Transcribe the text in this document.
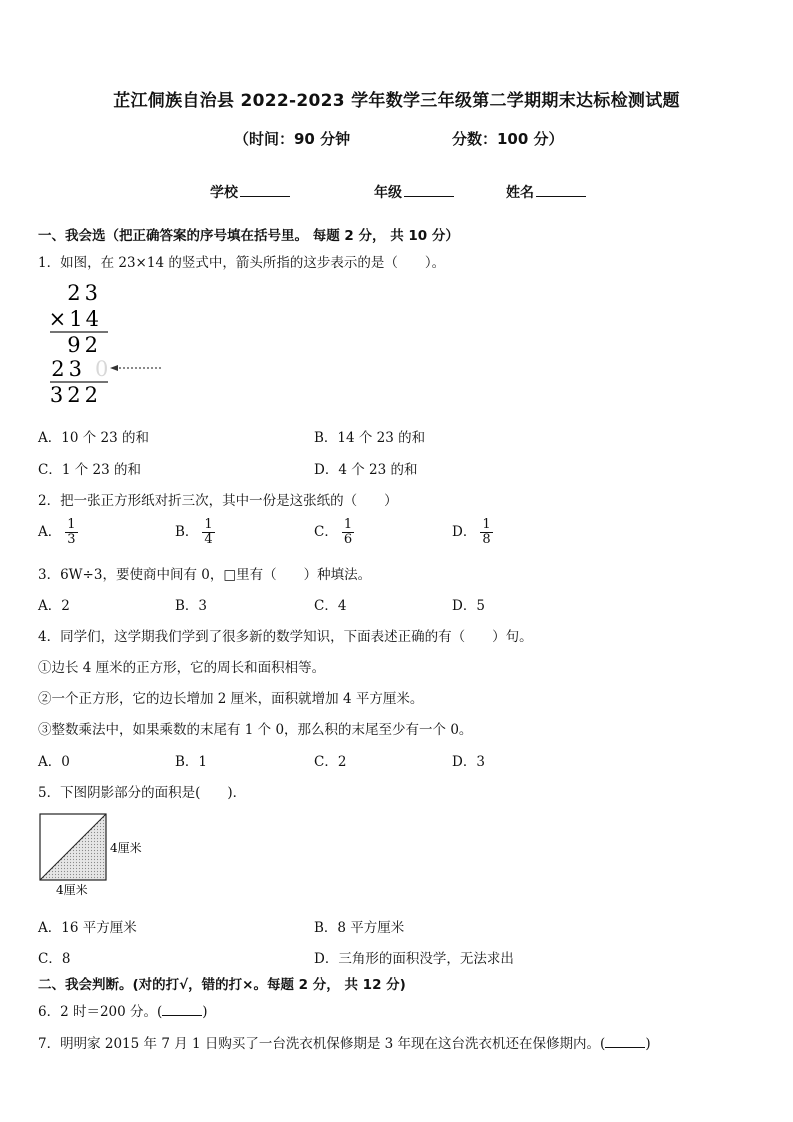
芷江侗族自治县 2022-2023 学年数学三年级第二学期期末达标检测试题
（时间：90 分钟	分数：100 分）
学校	年级	姓名
一、我会选（把正确答案的序号填在括号里。 每题 2 分， 共 10 分）
1．如图，在 23×14 的竖式中，箭头所指的这步表示的是（　　）。
23
×14
92
23 0
322
A．10 个 23 的和	B．14 个 23 的和
C．1 个 23 的和	D．4 个 23 的和
2．把一张正方形纸对折三次，其中一份是这张纸的（　　）
A． $\frac{1}{3}$	B． $\frac{1}{4}$	C． $\frac{1}{6}$	D． $\frac{1}{8}$
3．6W÷3，要使商中间有 0，□里有（　　）种填法。
A．2	B．3	C．4	D．5
4．同学们，这学期我们学到了很多新的数学知识，下面表述正确的有（　　）句。
①边长 4 厘米的正方形，它的周长和面积相等。
②一个正方形，它的边长增加 2 厘米，面积就增加 4 平方厘米。
③整数乘法中，如果乘数的末尾有 1 个 0，那么积的末尾至少有一个 0。
A．0	B．1	C．2	D．3
5．下图阴影部分的面积是(　　)．
4厘米
4厘米
A．16 平方厘米	B．8 平方厘米
C．8	D．三角形的面积没学，无法求出
二、我会判断。(对的打√，错的打×。每题 2 分， 共 12 分)
6．2 时＝200 分。(	)
7．明明家 2015 年 7 月 1 日购买了一台洗衣机保修期是 3 年现在这台洗衣机还在保修期内。(	)
